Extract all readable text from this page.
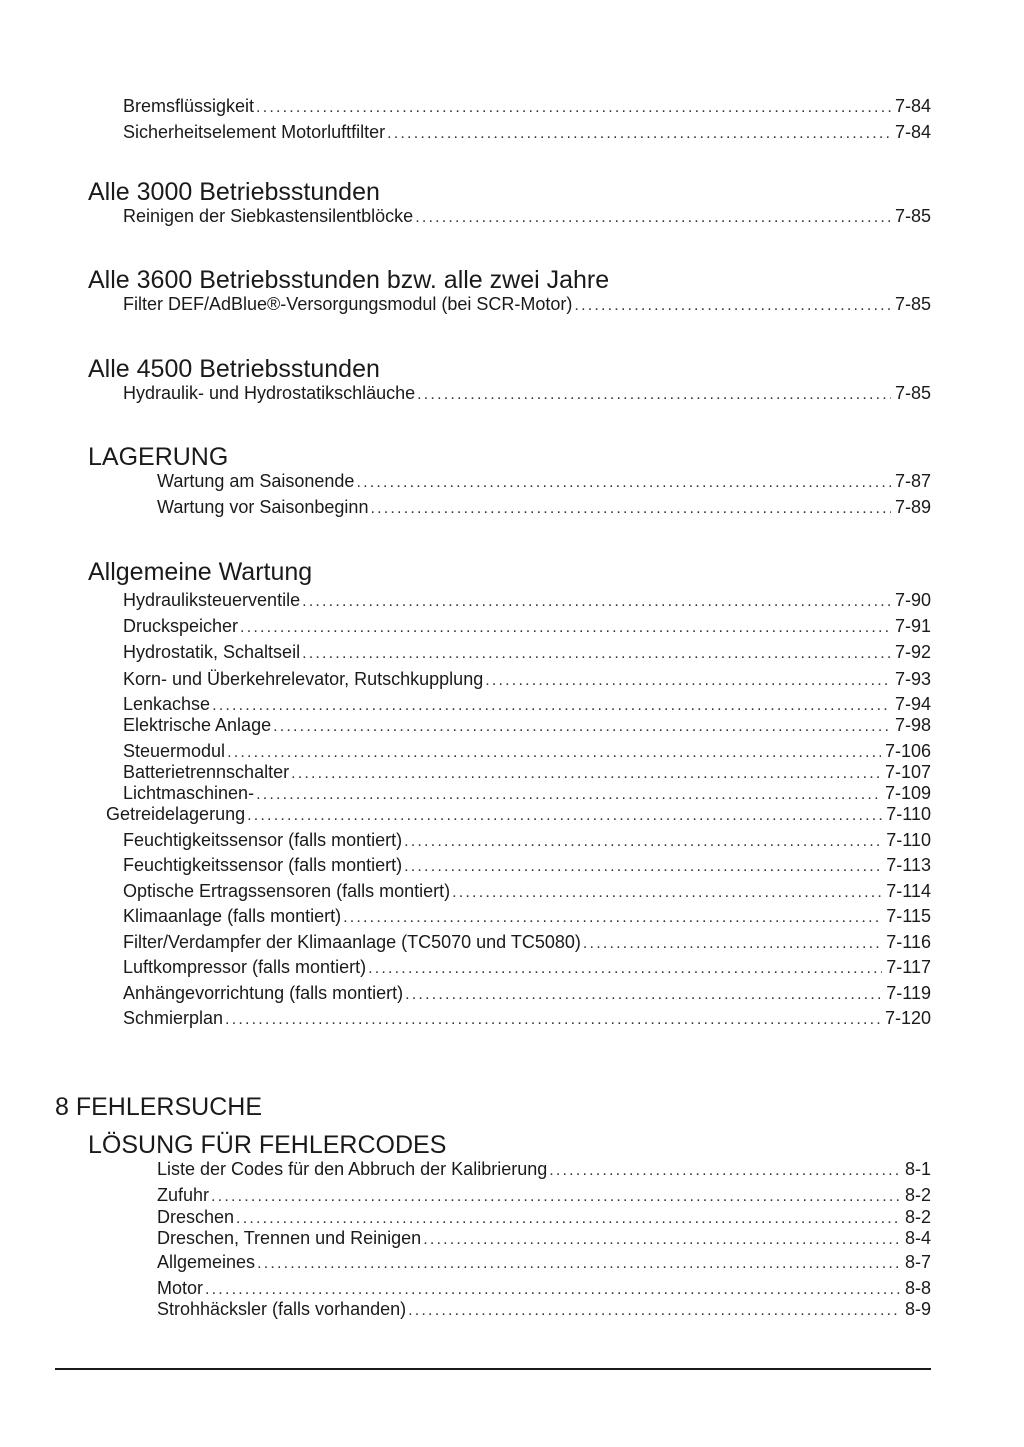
Bremsflüssigkeit .....	7-84
Sicherheitselement Motorluftfilter .....	7-84
Alle 3000 Betriebsstunden
Reinigen der Siebkastensilentblöcke .....	7-85
Alle 3600 Betriebsstunden bzw. alle zwei Jahre
Filter DEF/AdBlue®-Versorgungsmodul (bei SCR-Motor) .....	7-85
Alle 4500 Betriebsstunden
Hydraulik- und Hydrostatikschläuche .....	7-85
LAGERUNG
Wartung am Saisonende .....	7-87
Wartung vor Saisonbeginn .....	7-89
Allgemeine Wartung
Hydrauliksteuerventile .....	7-90
Druckspeicher .....	7-91
Hydrostatik, Schaltseil .....	7-92
Korn- und Überkehrelevator, Rutschkupplung .....	7-93
Lenkachse .....	7-94
Elektrische Anlage .....	7-98
Steuermodul .....	7-106
Batterietrennschalter .....	7-107
Lichtmaschinen- .....	7-109
Getreidelagerung .....	7-110
Feuchtigkeitssensor (falls montiert) .....	7-110
Feuchtigkeitssensor (falls montiert) .....	7-113
Optische Ertragssensoren (falls montiert) .....	7-114
Klimaanlage (falls montiert) .....	7-115
Filter/Verdampfer der Klimaanlage (TC5070 und TC5080) .....	7-116
Luftkompressor (falls montiert) .....	7-117
Anhängevorrichtung (falls montiert) .....	7-119
Schmierplan .....	7-120
8 FEHLERSUCHE
LÖSUNG FÜR FEHLERCODES
Liste der Codes für den Abbruch der Kalibrierung .....	8-1
Zufuhr .....	8-2
Dreschen .....	8-2
Dreschen, Trennen und Reinigen .....	8-4
Allgemeines .....	8-7
Motor .....	8-8
Strohhäcksler (falls vorhanden) .....	8-9
